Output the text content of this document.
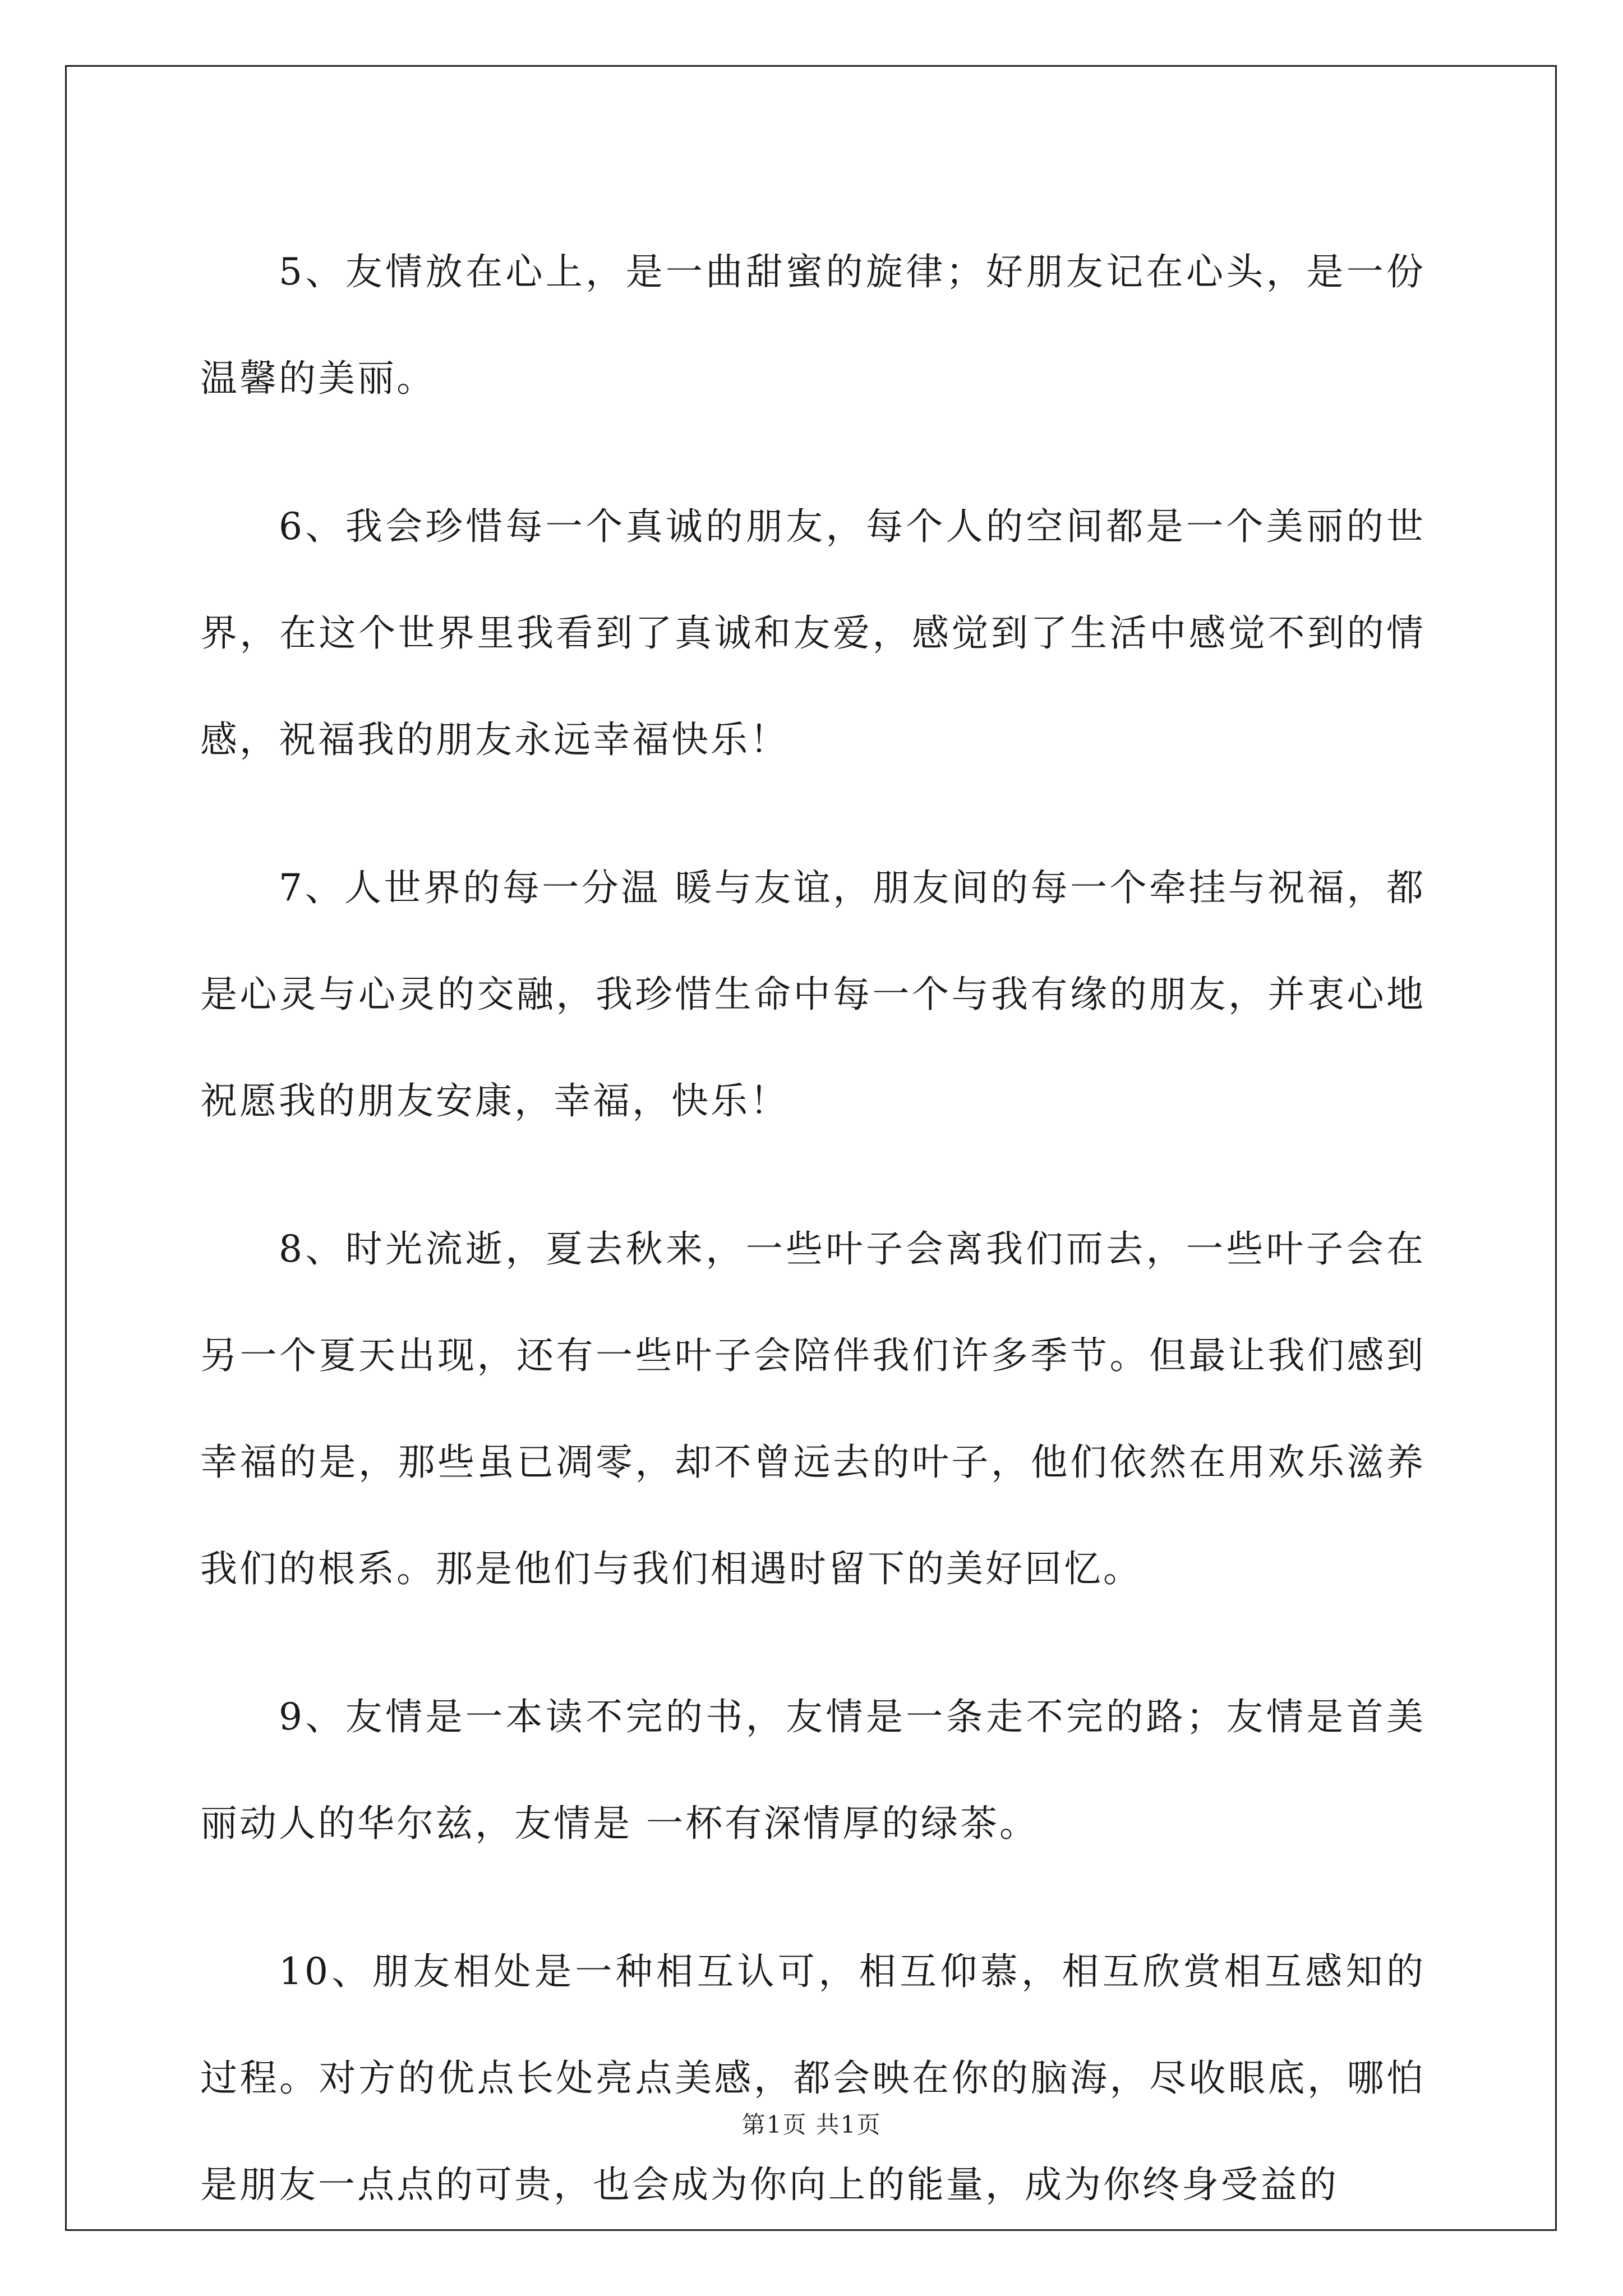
5、友情放在心上，是一曲甜蜜的旋律；好朋友记在心头，是一份温馨的美丽。

6、我会珍惜每一个真诚的朋友，每个人的空间都是一个美丽的世界，在这个世界里我看到了真诚和友爱，感觉到了生活中感觉不到的情感，祝福我的朋友永远幸福快乐！

7、人世界的每一分温 暖与友谊，朋友间的每一个牵挂与祝福，都是心灵与心灵的交融，我珍惜生命中每一个与我有缘的朋友，并衷心地祝愿我的朋友安康，幸福，快乐！

8、时光流逝，夏去秋来，一些叶子会离我们而去，一些叶子会在另一个夏天出现，还有一些叶子会陪伴我们许多季节。但最让我们感到幸福的是，那些虽已凋零，却不曾远去的叶子，他们依然在用欢乐滋养我们的根系。那是他们与我们相遇时留下的美好回忆。

9、友情是一本读不完的书，友情是一条走不完的路；友情是首美丽动人的华尔兹，友情是 一杯有深情厚的绿茶。

10、朋友相处是一种相互认可，相互仰慕，相互欣赏相互感知的过程。对方的优点长处亮点美感，都会映在你的脑海，尽收眼底，哪怕是朋友一点点的可贵，也会成为你向上的能量，成为你终身受益的

第1页 共1页
